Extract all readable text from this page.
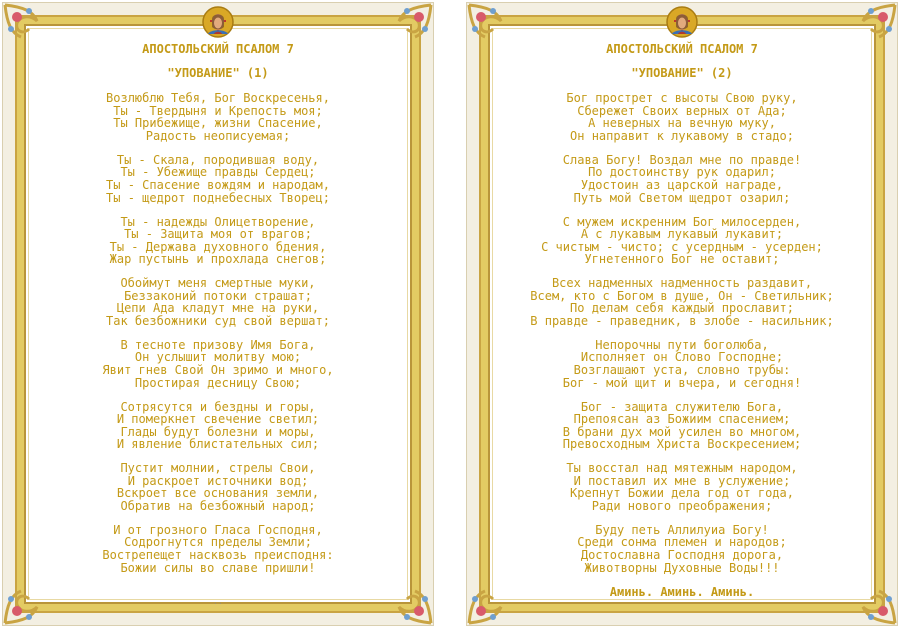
АПОСТОЛЬСКИЙ ПСАЛОМ 7
"УПОВАНИЕ" (1)
Возлюблю Тебя, Бог Воскресенья,
Ты - Твердыня и Крепость моя;
Ты Прибежище, жизни Спасение,
Радость неописуемая;
Ты - Скала, породившая воду,
Ты - Убежище правды Сердец;
Ты - Спасение вождям и народам,
Ты - щедрот поднебесных Творец;
Ты - надежды Олицетворение,
Ты - Защита моя от врагов;
Ты - Держава духовного бдения,
Жар пустынь и прохлада снегов;
Обоймут меня смертные муки,
Беззаконий потоки страшат;
Цепи Ада кладут мне на руки,
Так безбожники суд свой вершат;
В тесноте призову Имя Бога,
Он услышит молитву мою;
Явит гнев Свой Он зримо и много,
Простирая десницу Свою;
Сотрясутся и бездны и горы,
И померкнет свечение светил;
Глады будут болезни и моры,
И явление блистательных сил;
Пустит молнии, стрелы Свои,
И раскроет источники вод;
Вскроет все основания земли,
Обратив на безбожный народ;
И от грозного Гласа Господня,
Содрогнутся пределы Земли;
Вострепещет насквозь преисподня:
Божии силы во славе пришли!
..
АПОСТОЛЬСКИЙ ПСАЛОМ 7
"УПОВАНИЕ" (2)
Бог прострет с высоты Свою руку,
Сбережет Своих верных от Ада;
А неверных на вечную муку,
Он направит к лукавому в стадо;
Слава Богу! Воздал мне по правде!
По достоинству рук одарил;
Удостоин аз царской награде,
Путь мой Светом щедрот озарил;
С мужем искренним Бог милосерден,
А с лукавым лукавый лукавит;
С чистым - чисто; с усердным - усерден;
Угнетенного Бог не оставит;
Всех надменных надменность раздавит,
Всем, кто с Богом в душе, Он - Светильник;
По делам себя каждый прославит;
В правде - праведник, в злобе - насильник;
Непорочны пути боголюба,
Исполняет он Слово Господне;
Возглашают уста, словно трубы:
Бог - мой щит и вчера, и сегодня!
Бог - защита служителю Бога,
Препоясан аз Божиим спасением;
В брани дух мой усилен во многом,
Превосходным Христа Воскресением;
Ты восстал над мятежным народом,
И поставил их мне в услужение;
Крепнут Божии дела год от года,
Ради нового преображения;
Буду петь Аллилуиа Богу!
Среди сонма племен и народов;
Достославна Господня дорога,
Животворны Духовные Воды!!!
Аминь. Аминь. Аминь.
